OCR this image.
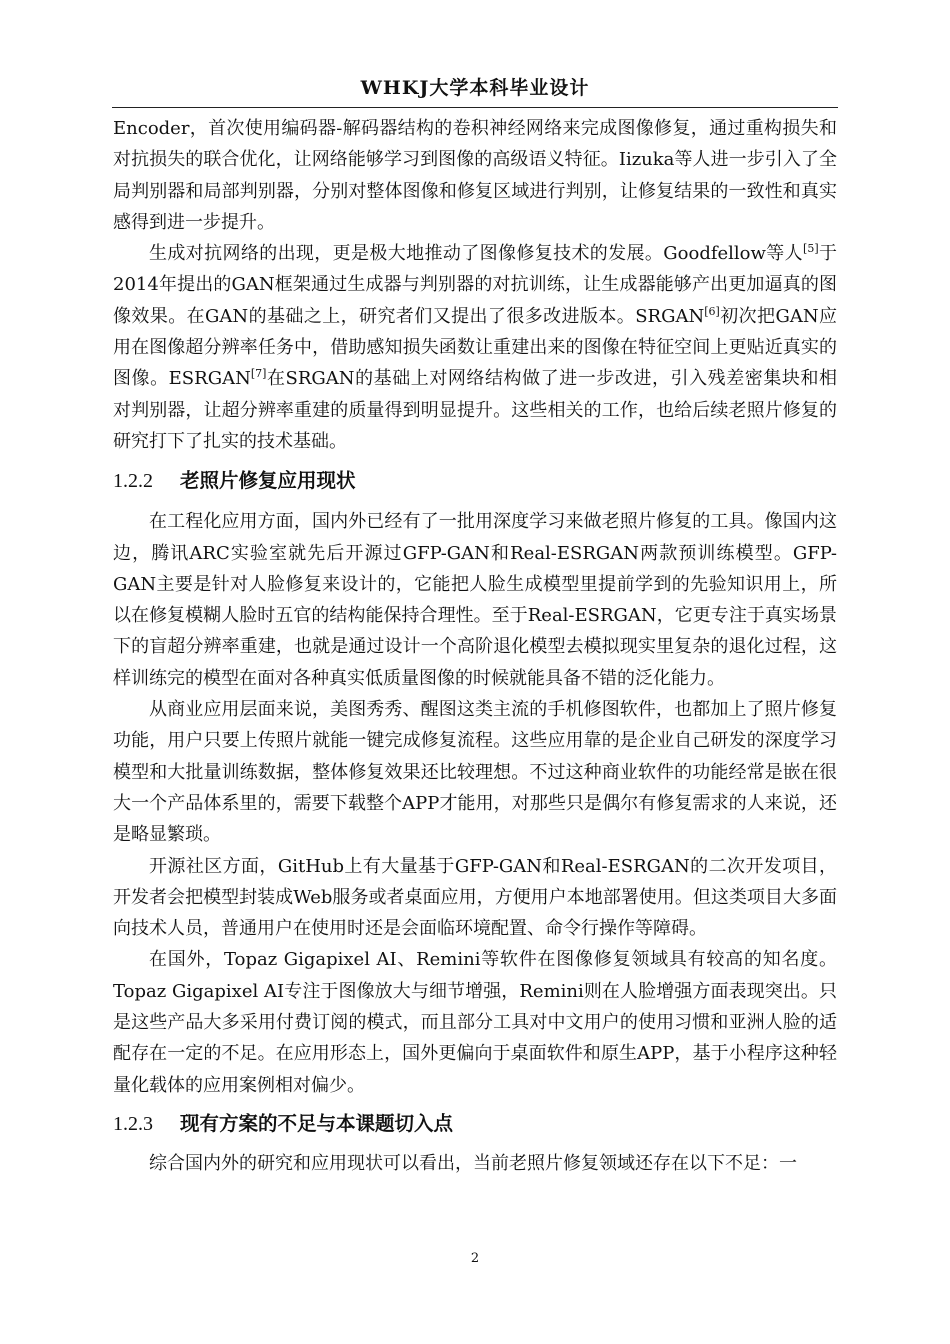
WHKJ大学本科毕业设计

Encoder，首次使用编码器-解码器结构的卷积神经网络来完成图像修复，通过重构损失和对抗损失的联合优化，让网络能够学习到图像的高级语义特征。Iizuka等人进一步引入了全局判别器和局部判别器，分别对整体图像和修复区域进行判别，让修复结果的一致性和真实感得到进一步提升。

生成对抗网络的出现，更是极大地推动了图像修复技术的发展。Goodfellow等人[5]于2014年提出的GAN框架通过生成器与判别器的对抗训练，让生成器能够产出更加逼真的图像效果。在GAN的基础之上，研究者们又提出了很多改进版本。SRGAN[6]初次把GAN应用在图像超分辨率任务中，借助感知损失函数让重建出来的图像在特征空间上更贴近真实的图像。ESRGAN[7]在SRGAN的基础上对网络结构做了进一步改进，引入残差密集块和相对判别器，让超分辨率重建的质量得到明显提升。这些相关的工作，也给后续老照片修复的研究打下了扎实的技术基础。

1.2.2 老照片修复应用现状

在工程化应用方面，国内外已经有了一批用深度学习来做老照片修复的工具。像国内这边，腾讯ARC实验室就先后开源过GFP-GAN和Real-ESRGAN两款预训练模型。GFP-GAN主要是针对人脸修复来设计的，它能把人脸生成模型里提前学到的先验知识用上，所以在修复模糊人脸时五官的结构能保持合理性。至于Real-ESRGAN，它更专注于真实场景下的盲超分辨率重建，也就是通过设计一个高阶退化模型去模拟现实里复杂的退化过程，这样训练完的模型在面对各种真实低质量图像的时候就能具备不错的泛化能力。

从商业应用层面来说，美图秀秀、醒图这类主流的手机修图软件，也都加上了照片修复功能，用户只要上传照片就能一键完成修复流程。这些应用靠的是企业自己研发的深度学习模型和大批量训练数据，整体修复效果还比较理想。不过这种商业软件的功能经常是嵌在很大一个产品体系里的，需要下载整个APP才能用，对那些只是偶尔有修复需求的人来说，还是略显繁琐。

开源社区方面，GitHub上有大量基于GFP-GAN和Real-ESRGAN的二次开发项目，开发者会把模型封装成Web服务或者桌面应用，方便用户本地部署使用。但这类项目大多面向技术人员，普通用户在使用时还是会面临环境配置、命令行操作等障碍。

在国外，Topaz Gigapixel AI、Remini等软件在图像修复领域具有较高的知名度。Topaz Gigapixel AI专注于图像放大与细节增强，Remini则在人脸增强方面表现突出。只是这些产品大多采用付费订阅的模式，而且部分工具对中文用户的使用习惯和亚洲人脸的适配存在一定的不足。在应用形态上，国外更偏向于桌面软件和原生APP，基于小程序这种轻量化载体的应用案例相对偏少。

1.2.3 现有方案的不足与本课题切入点

综合国内外的研究和应用现状可以看出，当前老照片修复领域还存在以下不足：一

2
